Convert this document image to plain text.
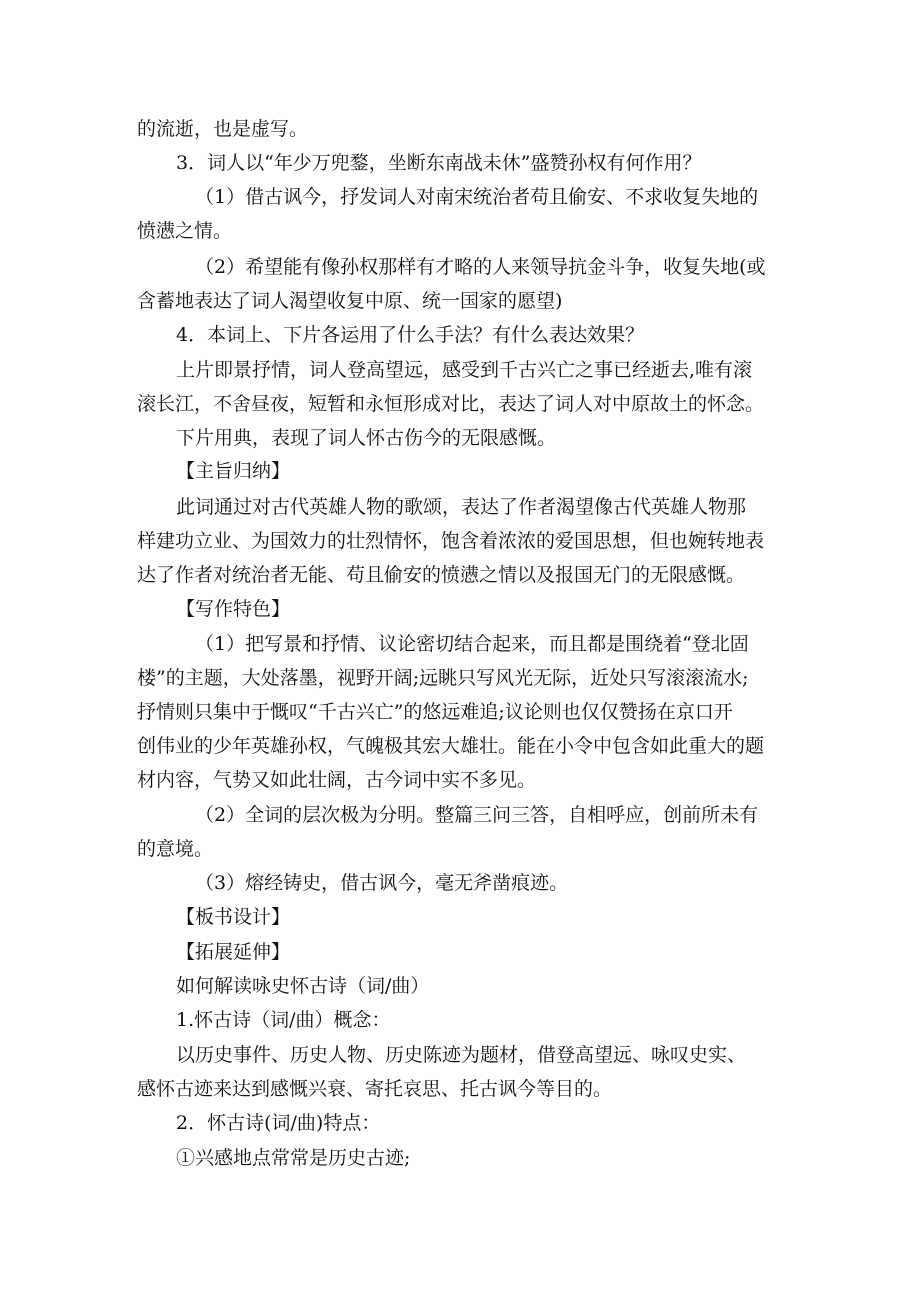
的流逝，也是虚写。
3．词人以“年少万兜鍪，坐断东南战未休”盛赞孙权有何作用？
（1）借古讽今，抒发词人对南宋统治者苟且偷安、不求收复失地的
愤懑之情。
（2）希望能有像孙权那样有才略的人来领导抗金斗争，收复失地(或
含蓄地表达了词人渴望收复中原、统一国家的愿望)
4．本词上、下片各运用了什么手法？有什么表达效果？
上片即景抒情，词人登高望远，感受到千古兴亡之事已经逝去,唯有滚
滚长江，不舍昼夜，短暂和永恒形成对比，表达了词人对中原故土的怀念。
下片用典，表现了词人怀古伤今的无限感慨。
【主旨归纳】
此词通过对古代英雄人物的歌颂，表达了作者渴望像古代英雄人物那
样建功立业、为国效力的壮烈情怀，饱含着浓浓的爱国思想，但也婉转地表
达了作者对统治者无能、苟且偷安的愤懑之情以及报国无门的无限感慨。
【写作特色】
（1）把写景和抒情、议论密切结合起来，而且都是围绕着“登北固
楼”的主题，大处落墨，视野开阔;远眺只写风光无际，近处只写滚滚流水;
抒情则只集中于慨叹“千古兴亡”的悠远难追;议论则也仅仅赞扬在京口开
创伟业的少年英雄孙权，气魄极其宏大雄壮。能在小令中包含如此重大的题
材内容，气势又如此壮阔，古今词中实不多见。
（2）全词的层次极为分明。整篇三问三答，自相呼应，创前所未有
的意境。
（3）熔经铸史，借古讽今，毫无斧凿痕迹。
【板书设计】
【拓展延伸】
如何解读咏史怀古诗（词/曲）
1.怀古诗（词/曲）概念：
以历史事件、历史人物、历史陈迹为题材，借登高望远、咏叹史实、
感怀古迹来达到感慨兴衰、寄托哀思、托古讽今等目的。
2．怀古诗(词/曲)特点：
①兴感地点常常是历史古迹;
